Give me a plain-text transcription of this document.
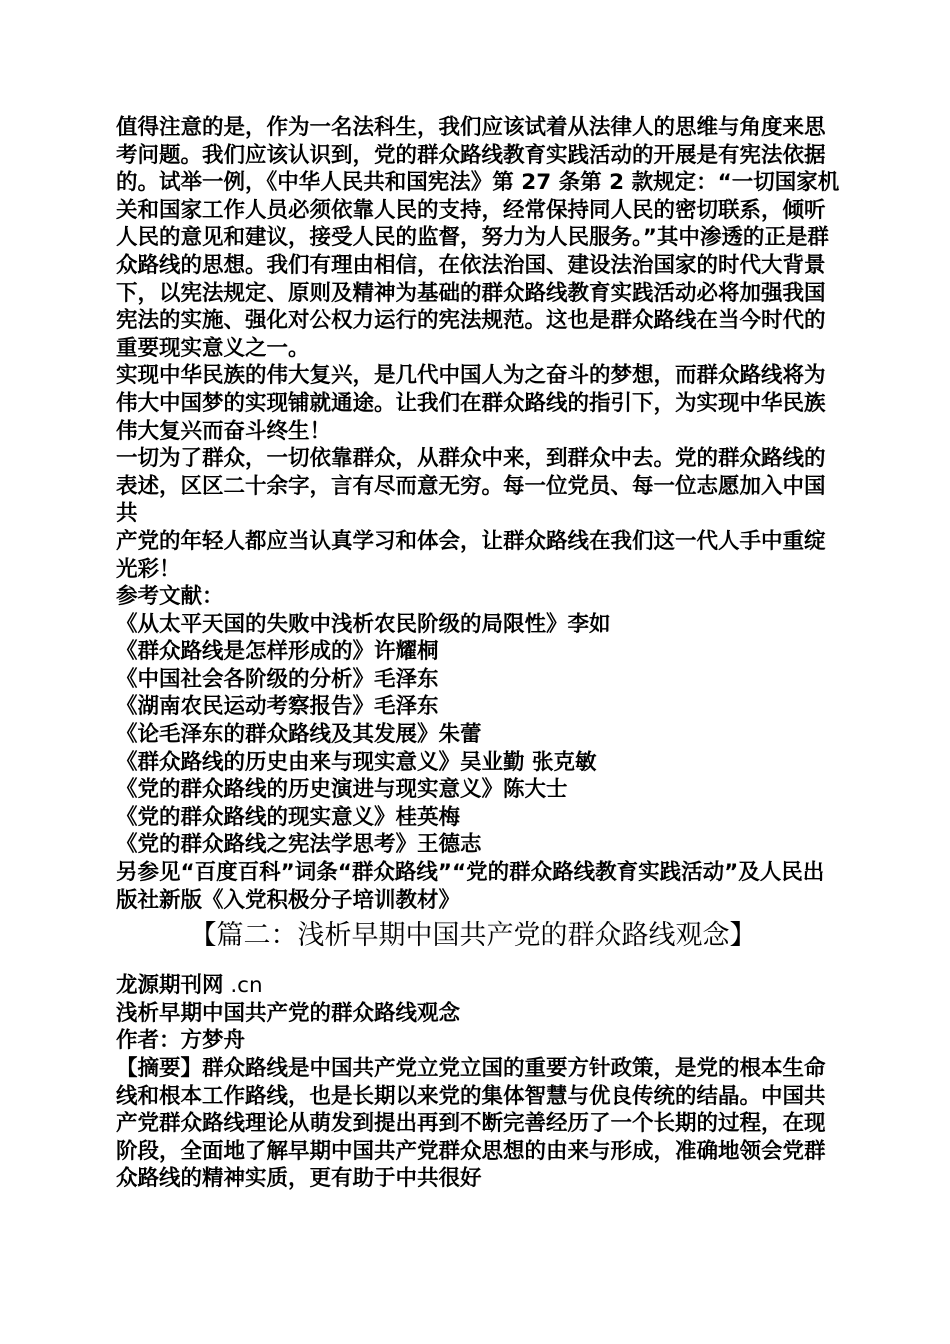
值得注意的是，作为一名法科生，我们应该试着从法律人的思维与角度来思考问题。我们应该认识到，党的群众路线教育实践活动的开展是有宪法依据的。试举一例，《中华人民共和国宪法》第 27 条第 2 款规定：“一切国家机关和国家工作人员必须依靠人民的支持，经常保持同人民的密切联系，倾听人民的意见和建议，接受人民的监督，努力为人民服务。”其中渗透的正是群众路线的思想。我们有理由相信，在依法治国、建设法治国家的时代大背景下，以宪法规定、原则及精神为基础的群众路线教育实践活动必将加强我国宪法的实施、强化对公权力运行的宪法规范。这也是群众路线在当今时代的重要现实意义之一。

实现中华民族的伟大复兴，是几代中国人为之奋斗的梦想，而群众路线将为伟大中国梦的实现铺就通途。让我们在群众路线的指引下，为实现中华民族伟大复兴而奋斗终生！

一切为了群众，一切依靠群众，从群众中来，到群众中去。党的群众路线的表述，区区二十余字，言有尽而意无穷。每一位党员、每一位志愿加入中国共

产党的年轻人都应当认真学习和体会，让群众路线在我们这一代人手中重绽光彩！

参考文献：

《从太平天国的失败中浅析农民阶级的局限性》李如
《群众路线是怎样形成的》许耀桐
《中国社会各阶级的分析》毛泽东
《湖南农民运动考察报告》毛泽东
《论毛泽东的群众路线及其发展》朱蕾
《群众路线的历史由来与现实意义》吴业勤 张克敏
《党的群众路线的历史演进与现实意义》陈大士
《党的群众路线的现实意义》桂英梅
《党的群众路线之宪法学思考》王德志

另参见“百度百科”词条“群众路线”“党的群众路线教育实践活动”及人民出版社新版《入党积极分子培训教材》

【篇二：浅析早期中国共产党的群众路线观念】

龙源期刊网 .cn

浅析早期中国共产党的群众路线观念

作者：方梦舟

【摘要】群众路线是中国共产党立党立国的重要方针政策，是党的根本生命线和根本工作路线，也是长期以来党的集体智慧与优良传统的结晶。中国共产党群众路线理论从萌发到提出再到不断完善经历了一个长期的过程，在现阶段，全面地了解早期中国共产党群众思想的由来与形成，准确地领会党群众路线的精神实质，更有助于中共很好
